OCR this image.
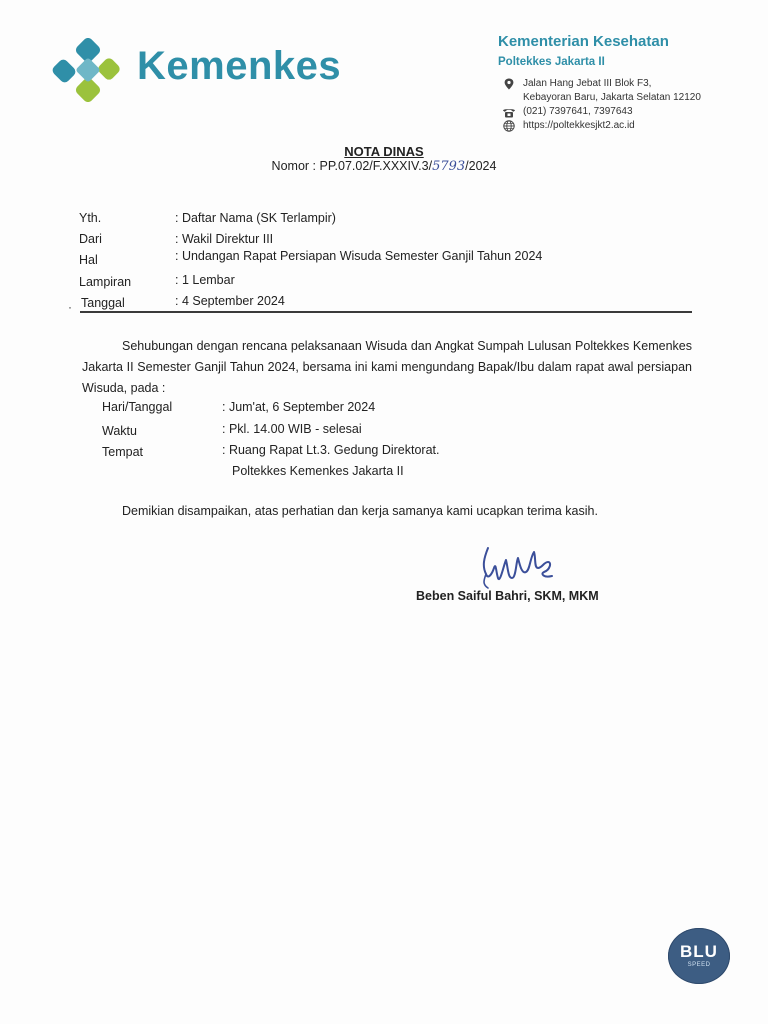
Kemenkes
Kementerian Kesehatan
Poltekkes Jakarta II
Jalan Hang Jebat III Blok F3,
Kebayoran Baru, Jakarta Selatan 12120
(021) 7397641, 7397643
https://poltekkesjkt2.ac.id
NOTA DINAS
Nomor : PP.07.02/F.XXXIV.3/5793/2024
Yth.	: Daftar Nama (SK Terlampir)
Dari	: Wakil Direktur III
Hal	: Undangan Rapat Persiapan Wisuda Semester Ganjil Tahun 2024
Lampiran	: 1 Lembar
Tanggal	: 4 September 2024
·

Sehubungan dengan rencana pelaksanaan Wisuda dan Angkat Sumpah Lulusan Poltekkes Kemenkes Jakarta II Semester Ganjil Tahun 2024, bersama ini kami mengundang Bapak/Ibu dalam rapat awal persiapan Wisuda, pada :

Hari/Tanggal	: Jum'at, 6 September 2024
Waktu	: Pkl. 14.00 WIB - selesai
Tempat	: Ruang Rapat Lt.3. Gedung Direktorat.
Poltekkes Kemenkes Jakarta II
Demikian disampaikan, atas perhatian dan kerja samanya kami ucapkan terima kasih.
Beben Saiful Bahri, SKM, MKM
BLU
SPEED
